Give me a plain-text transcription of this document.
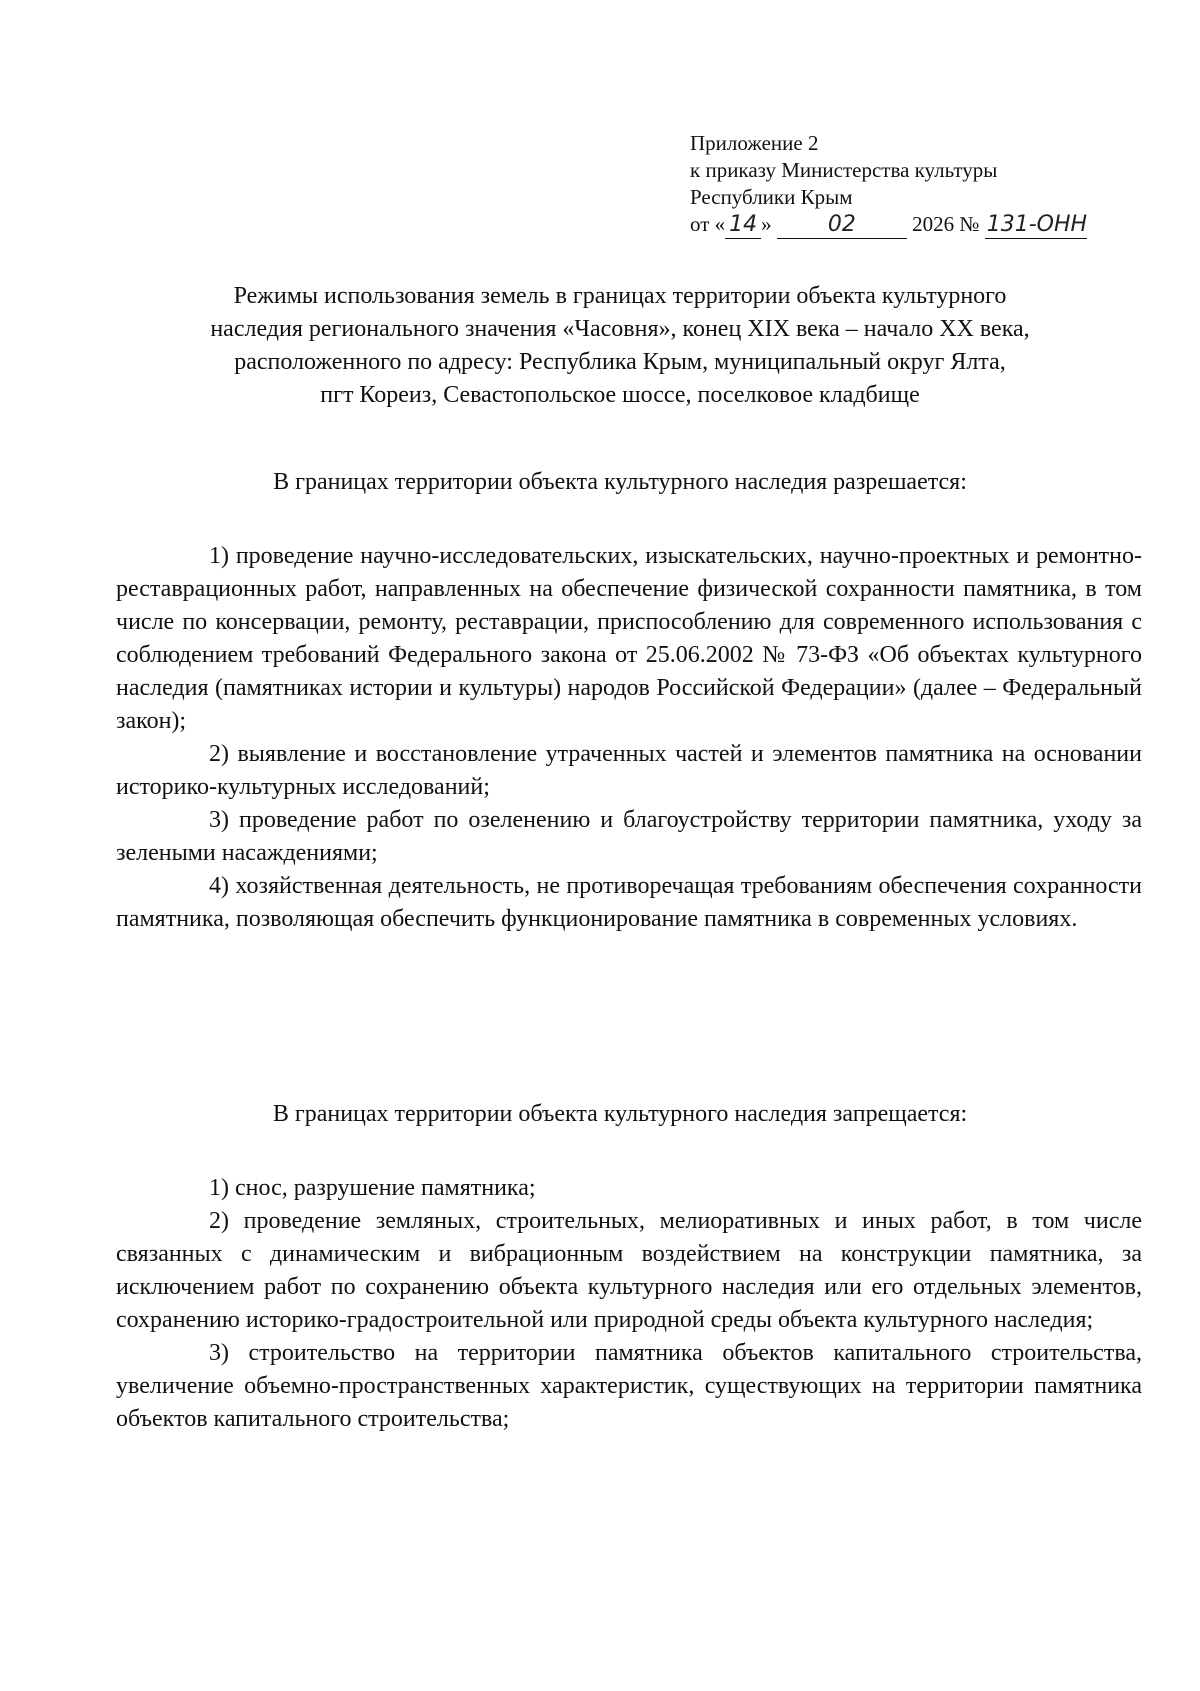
Приложение 2
к приказу Министерства культуры
Республики Крым
от « 14 »	02	2026 № 131-ОНН
Режимы использования земель в границах территории объекта культурного
наследия регионального значения «Часовня», конец XIX века – начало XX века,
расположенного по адресу: Республика Крым, муниципальный округ Ялта,
пгт Кореиз, Севастопольское шоссе, поселковое кладбище
В границах территории объекта культурного наследия разрешается:

1) проведение научно-исследовательских, изыскательских, научно-проектных и ремонтно-реставрационных работ, направленных на обеспечение физической сохранности памятника, в том числе по консервации, ремонту, реставрации, приспособлению для современного использования с соблюдением требований Федерального закона от 25.06.2002 № 73-ФЗ «Об объектах культурного наследия (памятниках истории и культуры) народов Российской Федерации» (далее – Федеральный закон);

2) выявление и восстановление утраченных частей и элементов памятника на основании историко-культурных исследований;

3) проведение работ по озеленению и благоустройству территории памятника, уходу за зелеными насаждениями;

4) хозяйственная деятельность, не противоречащая требованиям обеспечения сохранности памятника, позволяющая обеспечить функционирование памятника в современных условиях.

В границах территории объекта культурного наследия запрещается:

1) снос, разрушение памятника;

2) проведение земляных, строительных, мелиоративных и иных работ, в том числе связанных с динамическим и вибрационным воздействием на конструкции памятника, за исключением работ по сохранению объекта культурного наследия или его отдельных элементов, сохранению историко-градостроительной или природной среды объекта культурного наследия;

3) строительство на территории памятника объектов капитального строительства, увеличение объемно-пространственных характеристик, существующих на территории памятника объектов капитального строительства;
